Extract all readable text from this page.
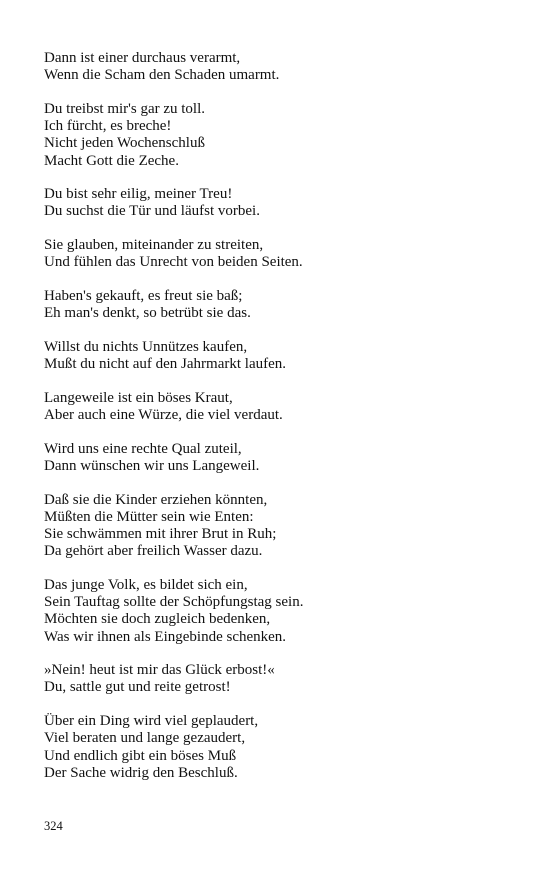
Dann ist einer durchaus verarmt,
Wenn die Scham den Schaden umarmt.
Du treibst mir's gar zu toll.
Ich fürcht, es breche!
Nicht jeden Wochenschluß
Macht Gott die Zeche.
Du bist sehr eilig, meiner Treu!
Du suchst die Tür und läufst vorbei.
Sie glauben, miteinander zu streiten,
Und fühlen das Unrecht von beiden Seiten.
Haben's gekauft, es freut sie baß;
Eh man's denkt, so betrübt sie das.
Willst du nichts Unnützes kaufen,
Mußt du nicht auf den Jahrmarkt laufen.
Langeweile ist ein böses Kraut,
Aber auch eine Würze, die viel verdaut.
Wird uns eine rechte Qual zuteil,
Dann wünschen wir uns Langeweil.
Daß sie die Kinder erziehen könnten,
Müßten die Mütter sein wie Enten:
Sie schwämmen mit ihrer Brut in Ruh;
Da gehört aber freilich Wasser dazu.
Das junge Volk, es bildet sich ein,
Sein Tauftag sollte der Schöpfungstag sein.
Möchten sie doch zugleich bedenken,
Was wir ihnen als Eingebinde schenken.
»Nein! heut ist mir das Glück erbost!«
Du, sattle gut und reite getrost!
Über ein Ding wird viel geplaudert,
Viel beraten und lange gezaudert,
Und endlich gibt ein böses Muß
Der Sache widrig den Beschluß.
324
